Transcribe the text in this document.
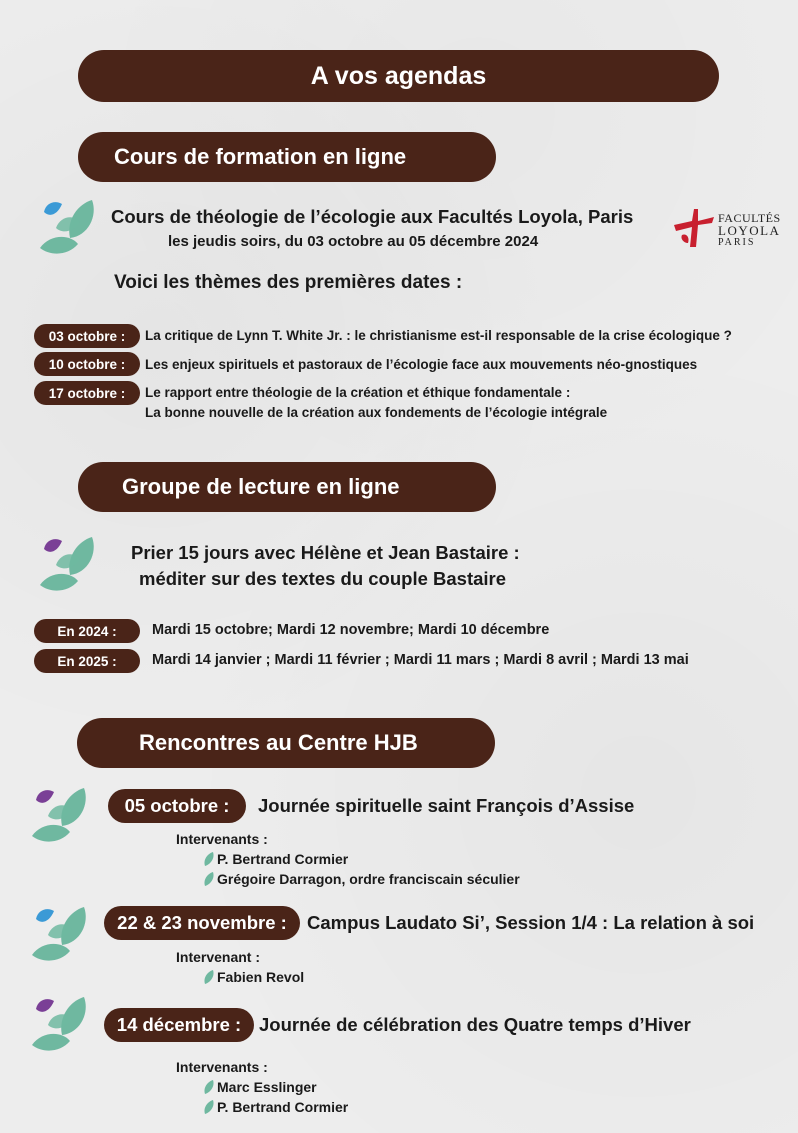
A vos agendas
Cours de formation en ligne
Cours de théologie de l’écologie aux Facultés Loyola, Paris
les jeudis soirs, du 03 octobre au 05 décembre 2024
FACULTÉS
LOYOLA
PARIS
Voici les thèmes des premières dates :
03 octobre :	La critique de Lynn T. White Jr. : le christianisme est-il responsable de la crise écologique ?
10 octobre :	Les enjeux spirituels et pastoraux de l’écologie face aux mouvements néo-gnostiques
17 octobre :	Le rapport entre théologie de la création et éthique fondamentale :
La bonne nouvelle de la création aux fondements de l’écologie intégrale
Groupe de lecture en ligne
Prier 15 jours avec Hélène et Jean Bastaire :
méditer sur des textes du couple Bastaire
En 2024 :	Mardi 15 octobre; Mardi 12 novembre; Mardi 10 décembre
En 2025 :	Mardi 14 janvier ; Mardi 11 février ; Mardi 11 mars ; Mardi 8 avril ; Mardi 13 mai
Rencontres au Centre HJB
05 octobre :	Journée spirituelle saint François d’Assise
Intervenants :
P. Bertrand Cormier
Grégoire Darragon, ordre franciscain séculier
22 & 23 novembre :	Campus Laudato Si’, Session 1/4 : La relation à soi
Intervenant :
Fabien Revol
14 décembre : Journée de célébration des Quatre temps d’Hiver
Intervenants :
Marc Esslinger
P. Bertrand Cormier
